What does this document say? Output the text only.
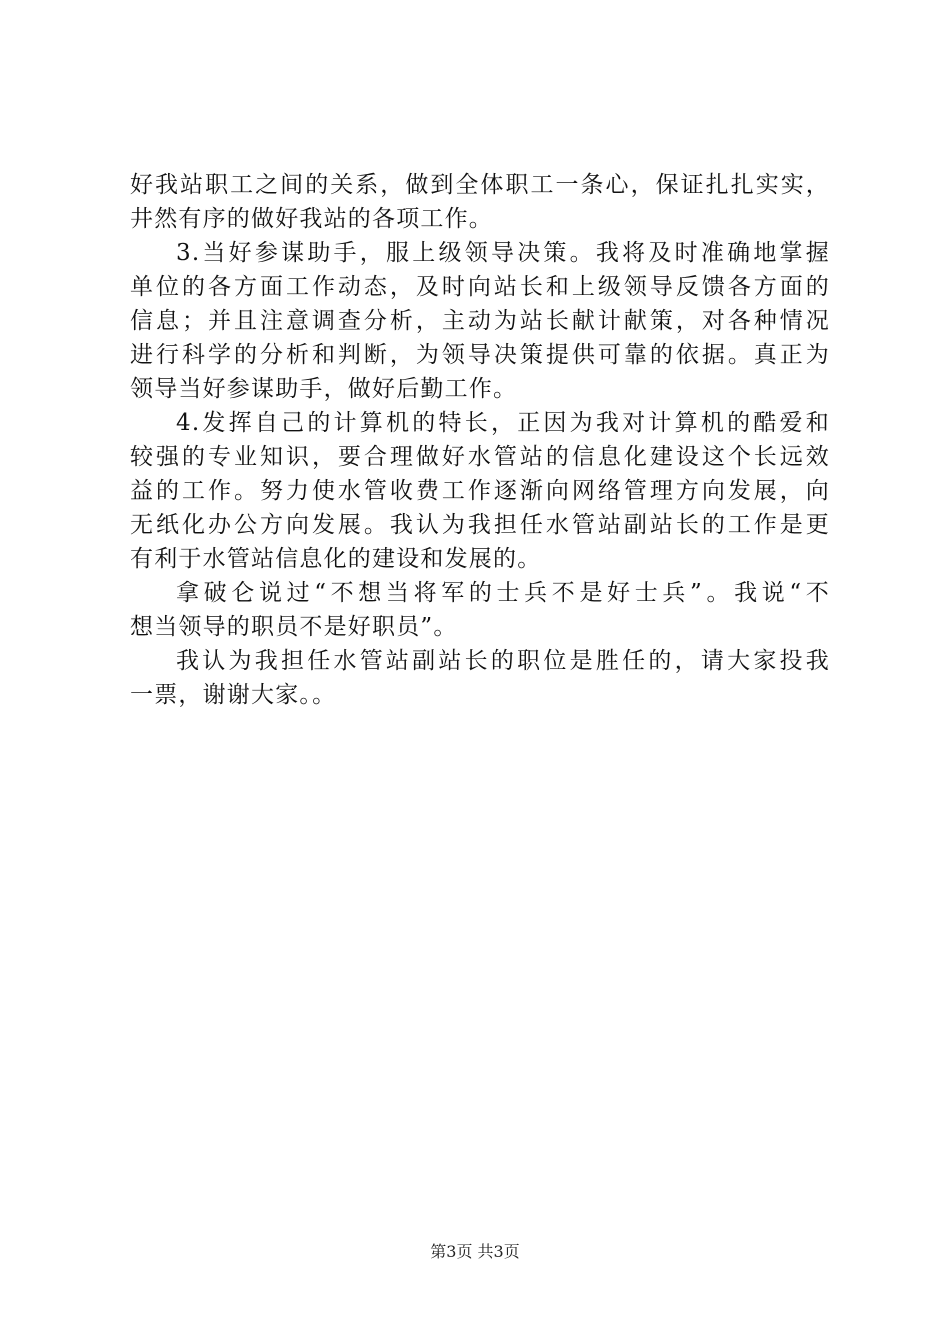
好我站职工之间的关系，做到全体职工一条心，保证扎扎实实，
井然有序的做好我站的各项工作。
3.当好参谋助手，服上级领导决策。我将及时准确地掌握
单位的各方面工作动态，及时向站长和上级领导反馈各方面的
信息；并且注意调查分析，主动为站长献计献策，对各种情况
进行科学的分析和判断，为领导决策提供可靠的依据。真正为
领导当好参谋助手，做好后勤工作。
4.发挥自己的计算机的特长，正因为我对计算机的酷爱和
较强的专业知识，要合理做好水管站的信息化建设这个长远效
益的工作。努力使水管收费工作逐渐向网络管理方向发展，向
无纸化办公方向发展。我认为我担任水管站副站长的工作是更
有利于水管站信息化的建设和发展的。
拿破仑说过“不想当将军的士兵不是好士兵”。我说“不
想当领导的职员不是好职员”。
我认为我担任水管站副站长的职位是胜任的，请大家投我
一票，谢谢大家。。
第3页 共3页
